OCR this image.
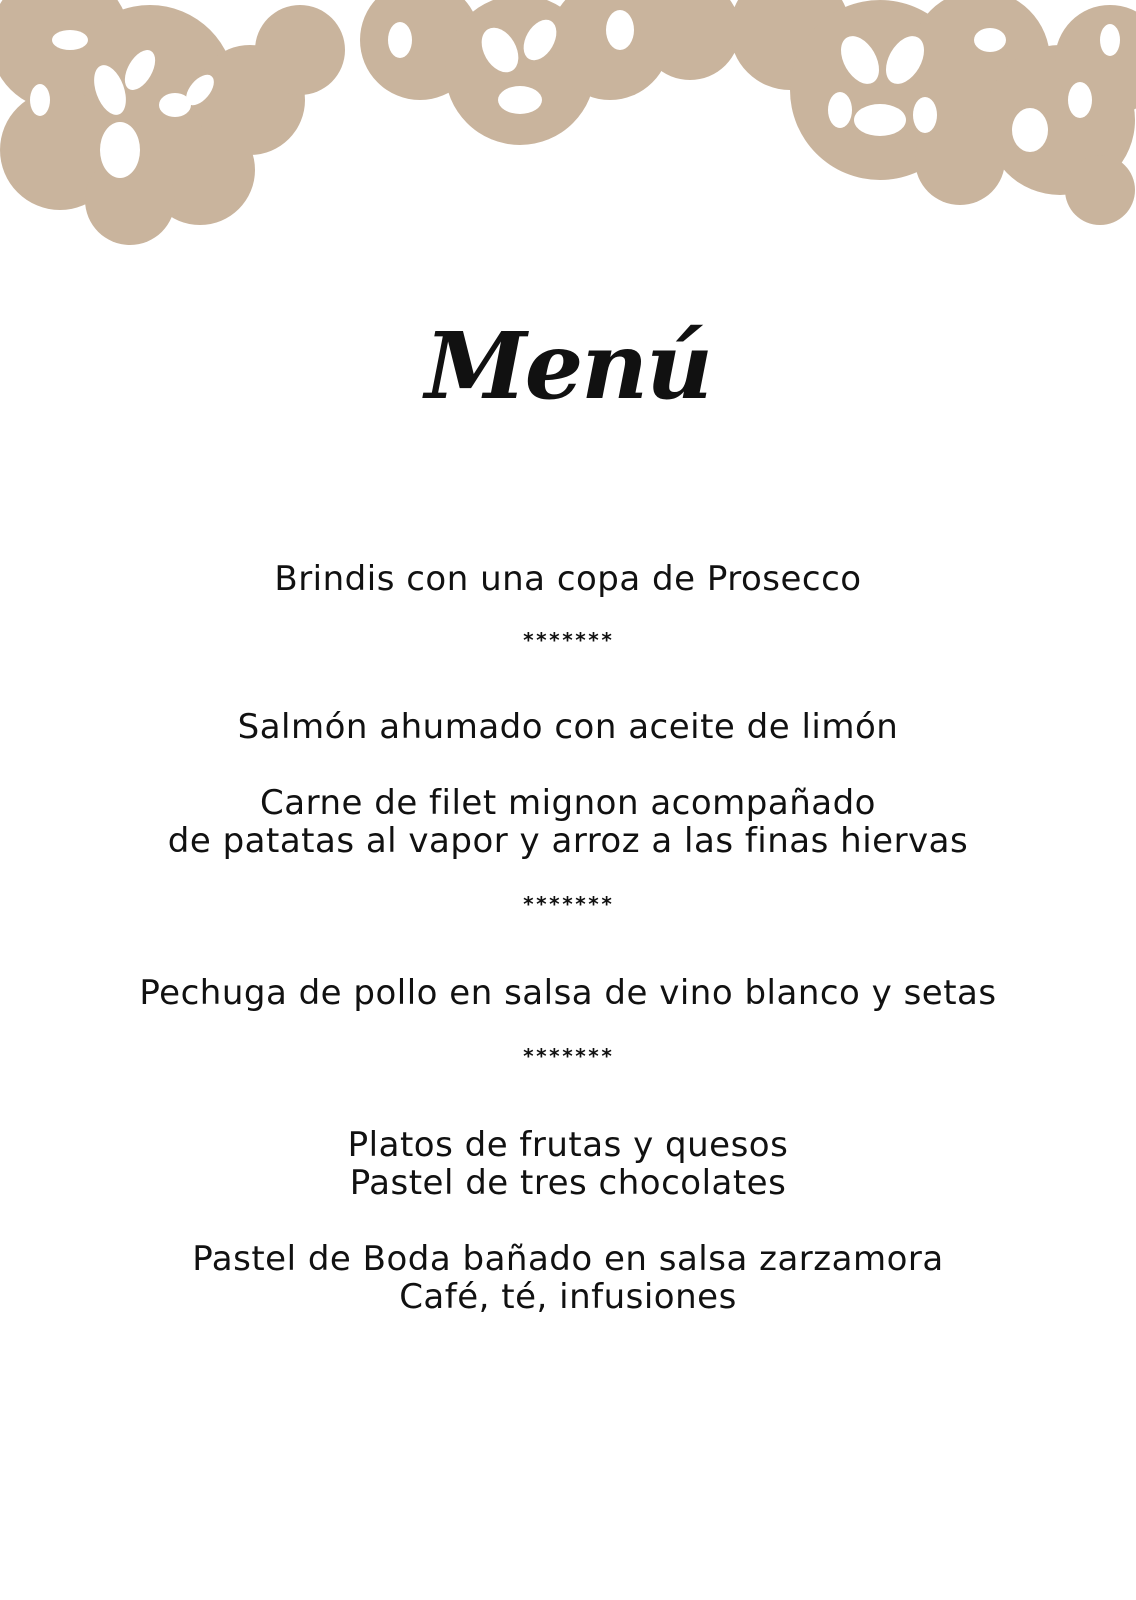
Menú
Brindis con una copa de Prosecco
*******
Salmón ahumado con aceite de limón
Carne de filet mignon acompañado
de patatas al vapor y arroz a las finas hiervas
*******
Pechuga de pollo en salsa de vino blanco y setas
*******
Platos de frutas y quesos
Pastel de tres chocolates
Pastel de Boda bañado en salsa zarzamora
Café, té, infusiones
